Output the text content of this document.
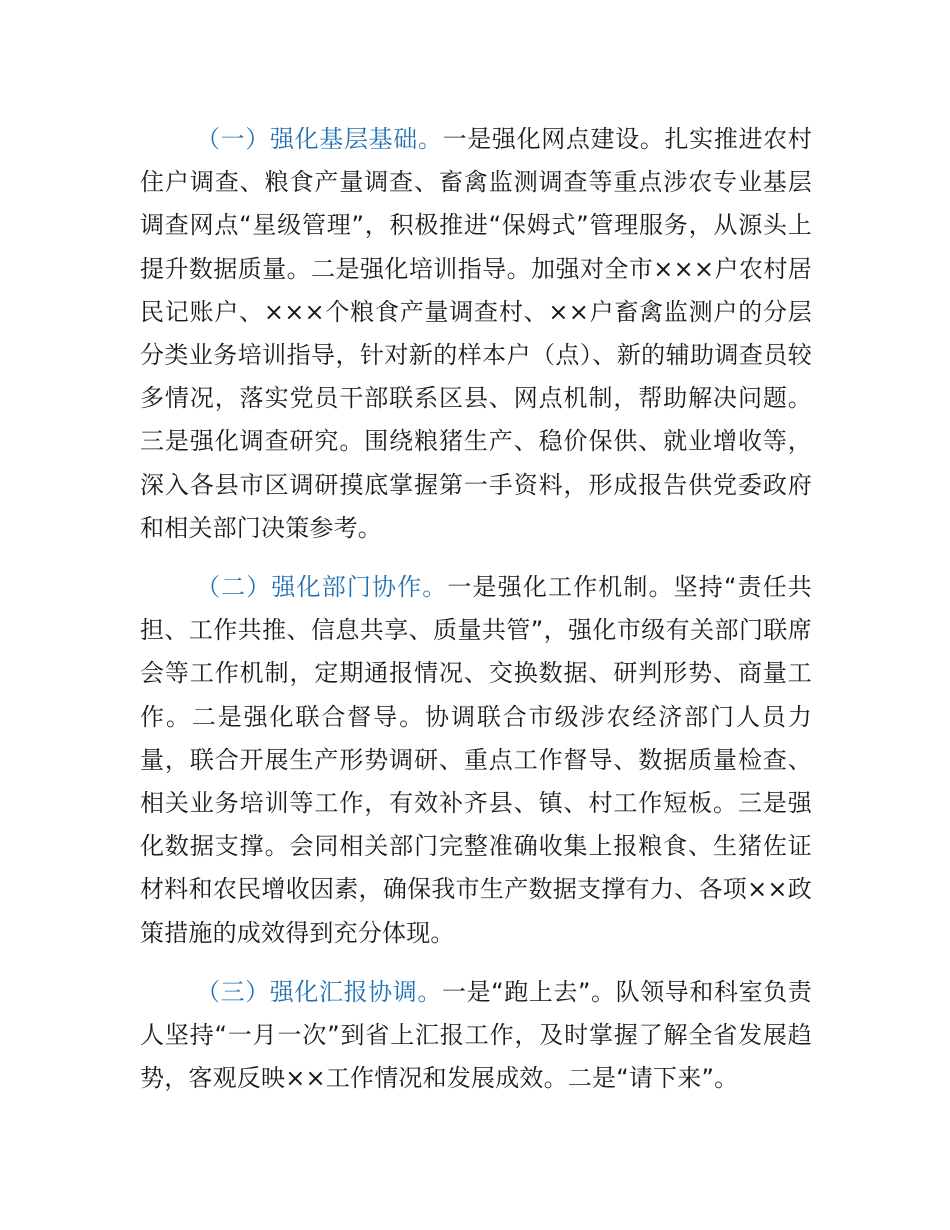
（一）强化基层基础。一是强化网点建设。扎实推进农村住户调查、粮食产量调查、畜禽监测调查等重点涉农专业基层调查网点“星级管理”，积极推进“保姆式”管理服务，从源头上提升数据质量。二是强化培训指导。加强对全市×××户农村居民记账户、×××个粮食产量调查村、××户畜禽监测户的分层分类业务培训指导，针对新的样本户（点）、新的辅助调查员较多情况，落实党员干部联系区县、网点机制，帮助解决问题。三是强化调查研究。围绕粮猪生产、稳价保供、就业增收等，深入各县市区调研摸底掌握第一手资料，形成报告供党委政府和相关部门决策参考。

（二）强化部门协作。一是强化工作机制。坚持“责任共担、工作共推、信息共享、质量共管”，强化市级有关部门联席会等工作机制，定期通报情况、交换数据、研判形势、商量工作。二是强化联合督导。协调联合市级涉农经济部门人员力量，联合开展生产形势调研、重点工作督导、数据质量检查、相关业务培训等工作，有效补齐县、镇、村工作短板。三是强化数据支撑。会同相关部门完整准确收集上报粮食、生猪佐证材料和农民增收因素，确保我市生产数据支撑有力、各项××政策措施的成效得到充分体现。

（三）强化汇报协调。一是“跑上去”。队领导和科室负责人坚持“一月一次”到省上汇报工作，及时掌握了解全省发展趋势，客观反映××工作情况和发展成效。二是“请下来”。
